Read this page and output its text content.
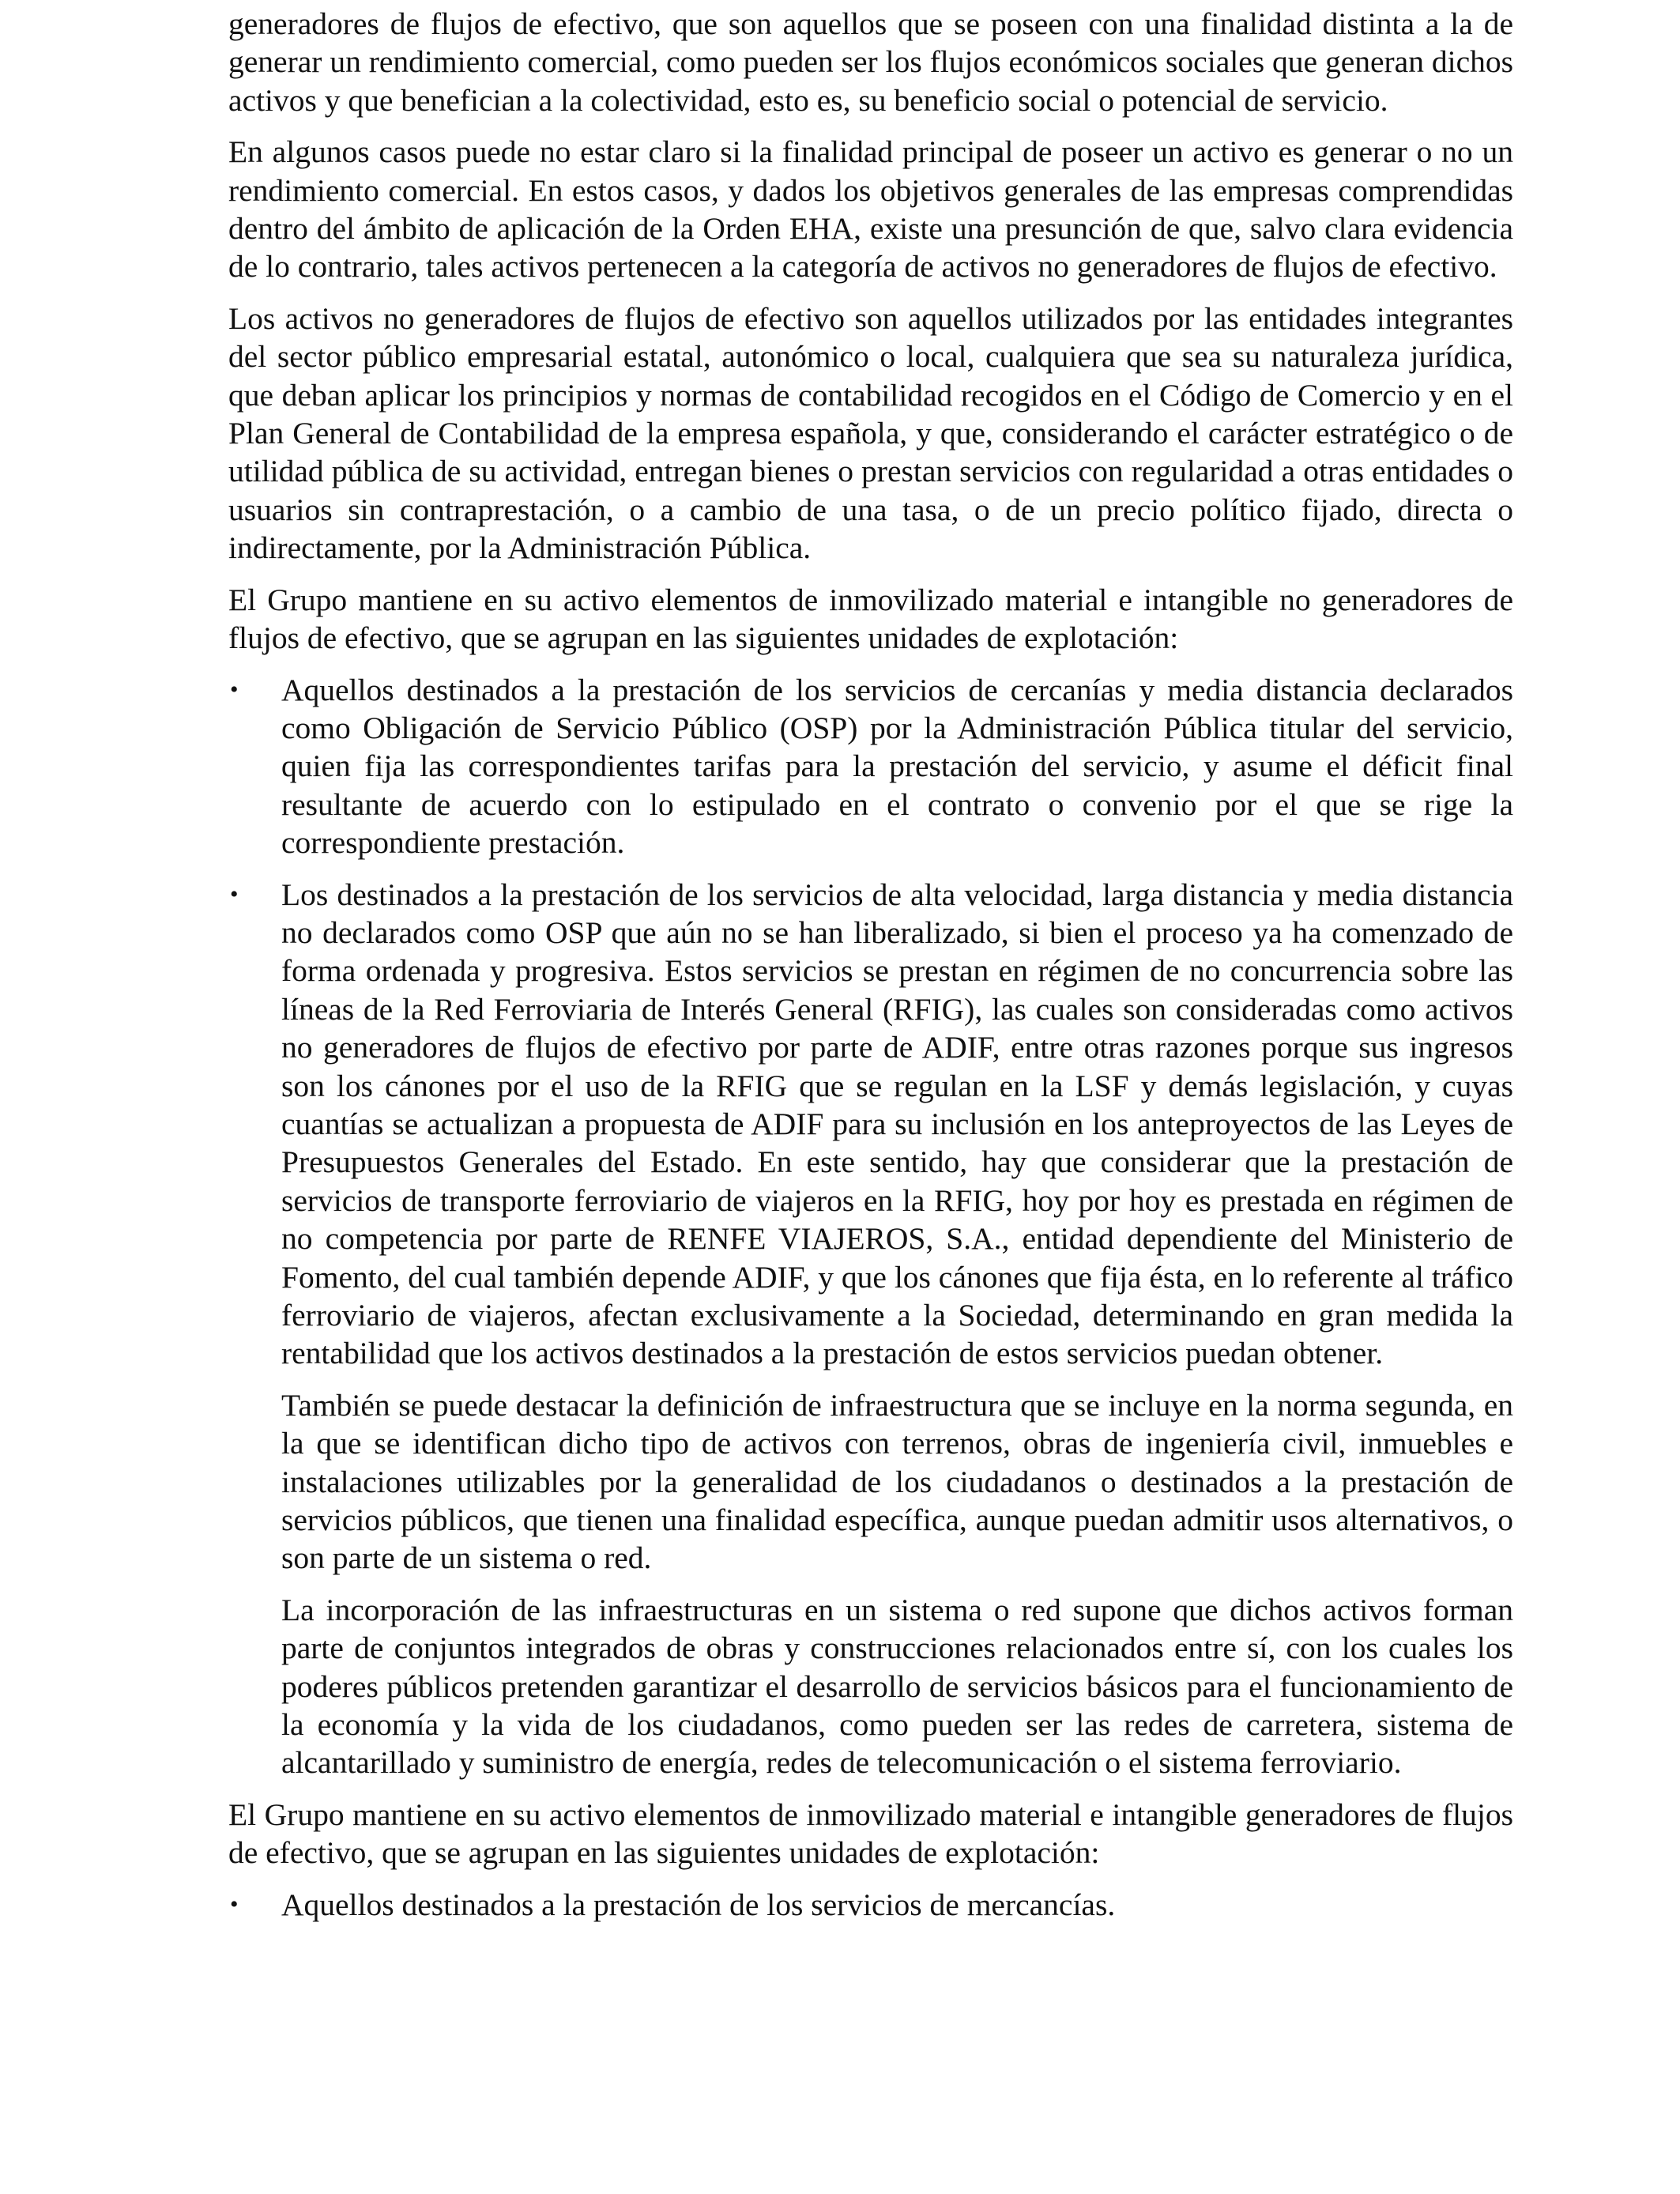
generadores de flujos de efectivo, que son aquellos que se poseen con una finalidad distinta a la de generar un rendimiento comercial, como pueden ser los flujos económicos sociales que generan dichos activos y que benefician a la colectividad, esto es, su beneficio social o potencial de servicio.

En algunos casos puede no estar claro si la finalidad principal de poseer un activo es generar o no un rendimiento comercial. En estos casos, y dados los objetivos generales de las empresas comprendidas dentro del ámbito de aplicación de la Orden EHA, existe una presunción de que, salvo clara evidencia de lo contrario, tales activos pertenecen a la categoría de activos no generadores de flujos de efectivo.

Los activos no generadores de flujos de efectivo son aquellos utilizados por las entidades integrantes del sector público empresarial estatal, autonómico o local, cualquiera que sea su naturaleza jurídica, que deban aplicar los principios y normas de contabilidad recogidos en el Código de Comercio y en el Plan General de Contabilidad de la empresa española, y que, considerando el carácter estratégico o de utilidad pública de su actividad, entregan bienes o prestan servicios con regularidad a otras entidades o usuarios sin contraprestación, o a cambio de una tasa, o de un precio político fijado, directa o indirectamente, por la Administración Pública.

El Grupo mantiene en su activo elementos de inmovilizado material e intangible no generadores de flujos de efectivo, que se agrupan en las siguientes unidades de explotación:

•	Aquellos destinados a la prestación de los servicios de cercanías y media distancia declarados como Obligación de Servicio Público (OSP) por la Administración Pública titular del servicio, quien fija las correspondientes tarifas para la prestación del servicio, y asume el déficit final resultante de acuerdo con lo estipulado en el contrato o convenio por el que se rige la correspondiente prestación.
•	Los destinados a la prestación de los servicios de alta velocidad, larga distancia y media distancia no declarados como OSP que aún no se han liberalizado, si bien el proceso ya ha comenzado de forma ordenada y progresiva. Estos servicios se prestan en régimen de no concurrencia sobre las líneas de la Red Ferroviaria de Interés General (RFIG), las cuales son consideradas como activos no generadores de flujos de efectivo por parte de ADIF, entre otras razones porque sus ingresos son los cánones por el uso de la RFIG que se regulan en la LSF y demás legislación, y cuyas cuantías se actualizan a propuesta de ADIF para su inclusión en los anteproyectos de las Leyes de Presupuestos Generales del Estado. En este sentido, hay que considerar que la prestación de servicios de transporte ferroviario de viajeros en la RFIG, hoy por hoy es prestada en régimen de no competencia por parte de RENFE VIAJEROS, S.A., entidad dependiente del Ministerio de Fomento, del cual también depende ADIF, y que los cánones que fija ésta, en lo referente al tráfico ferroviario de viajeros, afectan exclusivamente a la Sociedad, determinando en gran medida la rentabilidad que los activos destinados a la prestación de estos servicios puedan obtener.

También se puede destacar la definición de infraestructura que se incluye en la norma segunda, en la que se identifican dicho tipo de activos con terrenos, obras de ingeniería civil, inmuebles e instalaciones utilizables por la generalidad de los ciudadanos o destinados a la prestación de servicios públicos, que tienen una finalidad específica, aunque puedan admitir usos alternativos, o son parte de un sistema o red.

La incorporación de las infraestructuras en un sistema o red supone que dichos activos forman parte de conjuntos integrados de obras y construcciones relacionados entre sí, con los cuales los poderes públicos pretenden garantizar el desarrollo de servicios básicos para el funcionamiento de la economía y la vida de los ciudadanos, como pueden ser las redes de carretera, sistema de alcantarillado y suministro de energía, redes de telecomunicación o el sistema ferroviario.

El Grupo mantiene en su activo elementos de inmovilizado material e intangible generadores de flujos de efectivo, que se agrupan en las siguientes unidades de explotación:

•	Aquellos destinados a la prestación de los servicios de mercancías.
